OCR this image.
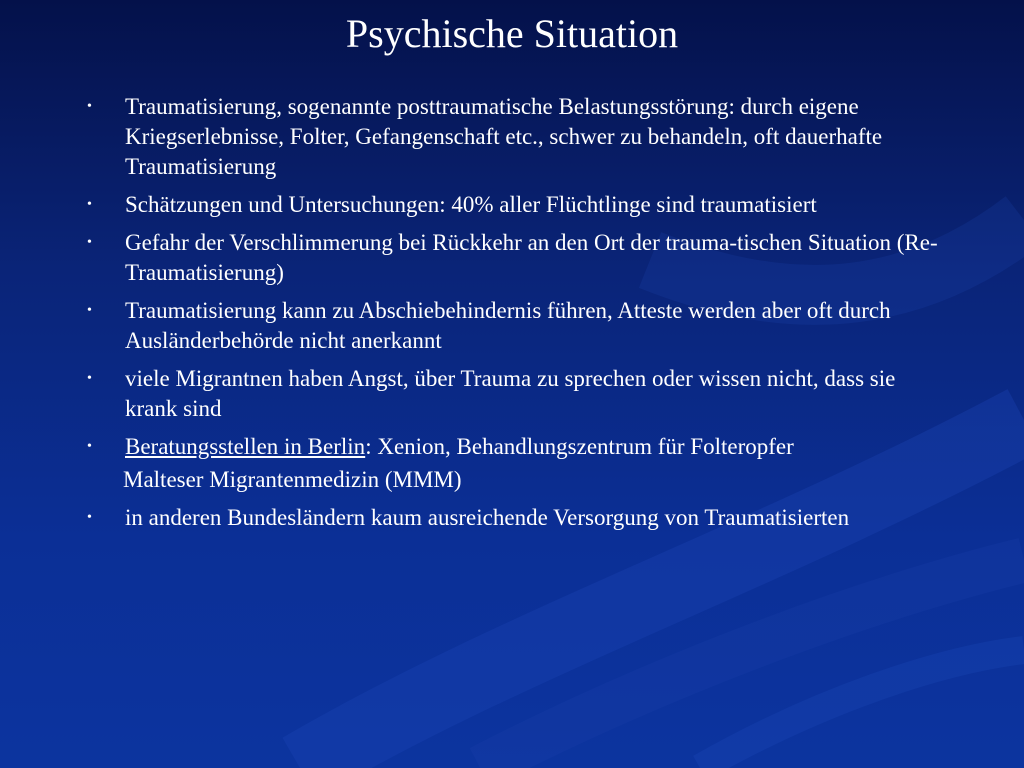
Psychische Situation
• Traumatisierung, sogenannte posttraumatische Belastungsstörung: durch eigene Kriegserlebnisse, Folter, Gefangenschaft etc., schwer zu behandeln, oft dauerhafte Traumatisierung
• Schätzungen und Untersuchungen: 40% aller Flüchtlinge sind traumatisiert
• Gefahr der Verschlimmerung bei Rückkehr an den Ort der trauma-tischen Situation (Re-Traumatisierung)
• Traumatisierung kann zu Abschiebehindernis führen, Atteste werden aber oft durch Ausländerbehörde nicht anerkannt
• viele Migrantnen haben Angst, über Trauma zu sprechen oder wissen nicht, dass sie krank sind
• Beratungsstellen in Berlin: Xenion, Behandlungszentrum für Folteropfer
Malteser Migrantenmedizin (MMM)
• in anderen Bundesländern kaum ausreichende Versorgung von Traumatisierten
